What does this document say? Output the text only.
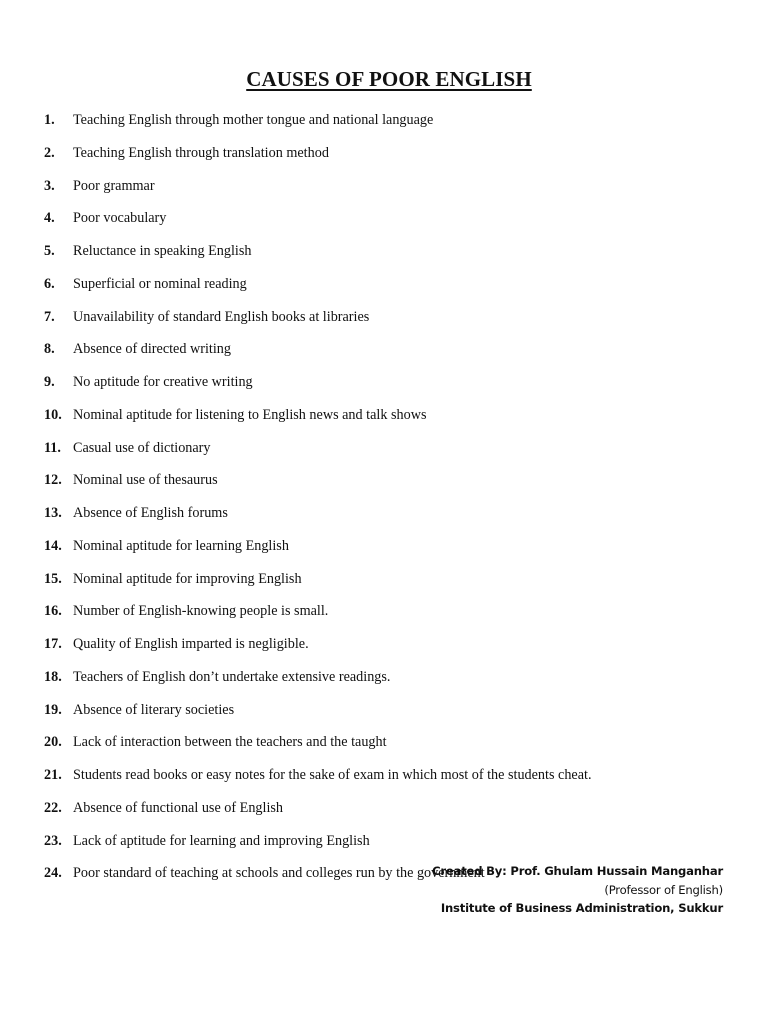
CAUSES OF POOR ENGLISH
1. Teaching English through mother tongue and national language
2. Teaching English through translation method
3. Poor grammar
4. Poor vocabulary
5. Reluctance in speaking English
6. Superficial or nominal reading
7. Unavailability of standard English books at libraries
8. Absence of directed writing
9. No aptitude for creative writing
10. Nominal aptitude for listening to English news and talk shows
11. Casual use of dictionary
12. Nominal use of thesaurus
13. Absence of English forums
14. Nominal aptitude for learning English
15. Nominal aptitude for improving English
16. Number of English-knowing people is small.
17. Quality of English imparted is negligible.
18. Teachers of English don’t undertake extensive readings.
19. Absence of literary societies
20. Lack of interaction between the teachers and the taught
21. Students read books or easy notes for the sake of exam in which most of the students cheat.
22. Absence of functional use of English
23. Lack of aptitude for learning and improving English
24. Poor standard of teaching at schools and colleges run by the government
Created By: Prof. Ghulam Hussain Manganhar
(Professor of English)
Institute of Business Administration, Sukkur
